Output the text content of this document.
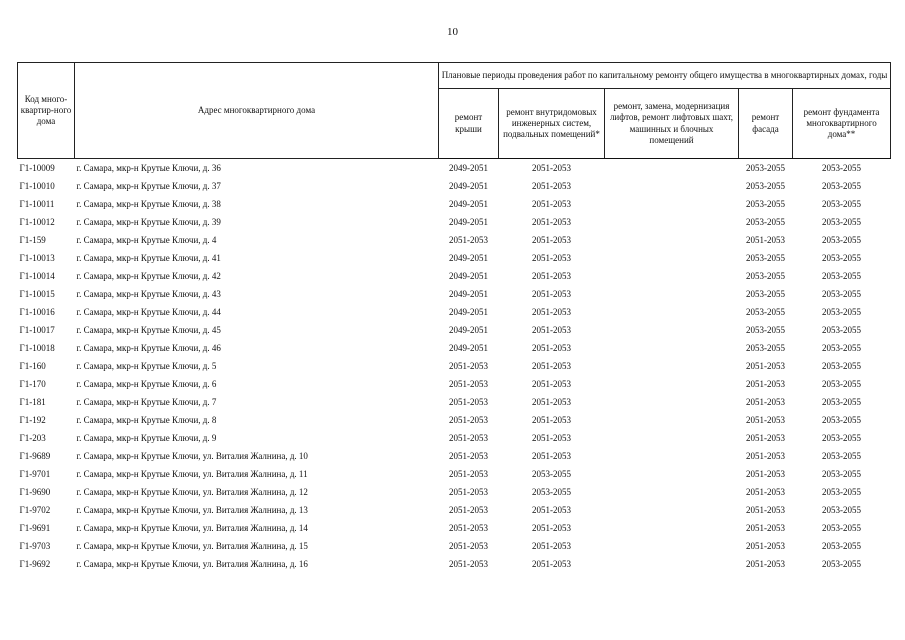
10
Код много-квартир-ного дома	Адрес многоквартирного дома	Плановые периоды проведения работ по капитальному ремонту общего имущества в многоквартирных домах, годы				
		ремонт крыши	ремонт внутридомовых инженерных систем, подвальных помещений*	ремонт, замена, модернизация лифтов, ремонт лифтовых шахт, машинных и блочных помещений	ремонт фасада	ремонт фундамента многоквартирного дома**
Г1-10009	г. Самара, мкр-н Крутые Ключи, д. 36	2049-2051	2051-2053		2053-2055	2053-2055
Г1-10010	г. Самара, мкр-н Крутые Ключи, д. 37	2049-2051	2051-2053		2053-2055	2053-2055
Г1-10011	г. Самара, мкр-н Крутые Ключи, д. 38	2049-2051	2051-2053		2053-2055	2053-2055
Г1-10012	г. Самара, мкр-н Крутые Ключи, д. 39	2049-2051	2051-2053		2053-2055	2053-2055
Г1-159	г. Самара, мкр-н Крутые Ключи, д. 4	2051-2053	2051-2053		2051-2053	2053-2055
Г1-10013	г. Самара, мкр-н Крутые Ключи, д. 41	2049-2051	2051-2053		2053-2055	2053-2055
Г1-10014	г. Самара, мкр-н Крутые Ключи, д. 42	2049-2051	2051-2053		2053-2055	2053-2055
Г1-10015	г. Самара, мкр-н Крутые Ключи, д. 43	2049-2051	2051-2053		2053-2055	2053-2055
Г1-10016	г. Самара, мкр-н Крутые Ключи, д. 44	2049-2051	2051-2053		2053-2055	2053-2055
Г1-10017	г. Самара, мкр-н Крутые Ключи, д. 45	2049-2051	2051-2053		2053-2055	2053-2055
Г1-10018	г. Самара, мкр-н Крутые Ключи, д. 46	2049-2051	2051-2053		2053-2055	2053-2055
Г1-160	г. Самара, мкр-н Крутые Ключи, д. 5	2051-2053	2051-2053		2051-2053	2053-2055
Г1-170	г. Самара, мкр-н Крутые Ключи, д. 6	2051-2053	2051-2053		2051-2053	2053-2055
Г1-181	г. Самара, мкр-н Крутые Ключи, д. 7	2051-2053	2051-2053		2051-2053	2053-2055
Г1-192	г. Самара, мкр-н Крутые Ключи, д. 8	2051-2053	2051-2053		2051-2053	2053-2055
Г1-203	г. Самара, мкр-н Крутые Ключи, д. 9	2051-2053	2051-2053		2051-2053	2053-2055
Г1-9689	г. Самара, мкр-н Крутые Ключи, ул. Виталия Жалнина, д. 10	2051-2053	2051-2053		2051-2053	2053-2055
Г1-9701	г. Самара, мкр-н Крутые Ключи, ул. Виталия Жалнина, д. 11	2051-2053	2053-2055		2051-2053	2053-2055
Г1-9690	г. Самара, мкр-н Крутые Ключи, ул. Виталия Жалнина, д. 12	2051-2053	2053-2055		2051-2053	2053-2055
Г1-9702	г. Самара, мкр-н Крутые Ключи, ул. Виталия Жалнина, д. 13	2051-2053	2051-2053		2051-2053	2053-2055
Г1-9691	г. Самара, мкр-н Крутые Ключи, ул. Виталия Жалнина, д. 14	2051-2053	2051-2053		2051-2053	2053-2055
Г1-9703	г. Самара, мкр-н Крутые Ключи, ул. Виталия Жалнина, д. 15	2051-2053	2051-2053		2051-2053	2053-2055
Г1-9692	г. Самара, мкр-н Крутые Ключи, ул. Виталия Жалнина, д. 16	2051-2053	2051-2053		2051-2053	2053-2055
